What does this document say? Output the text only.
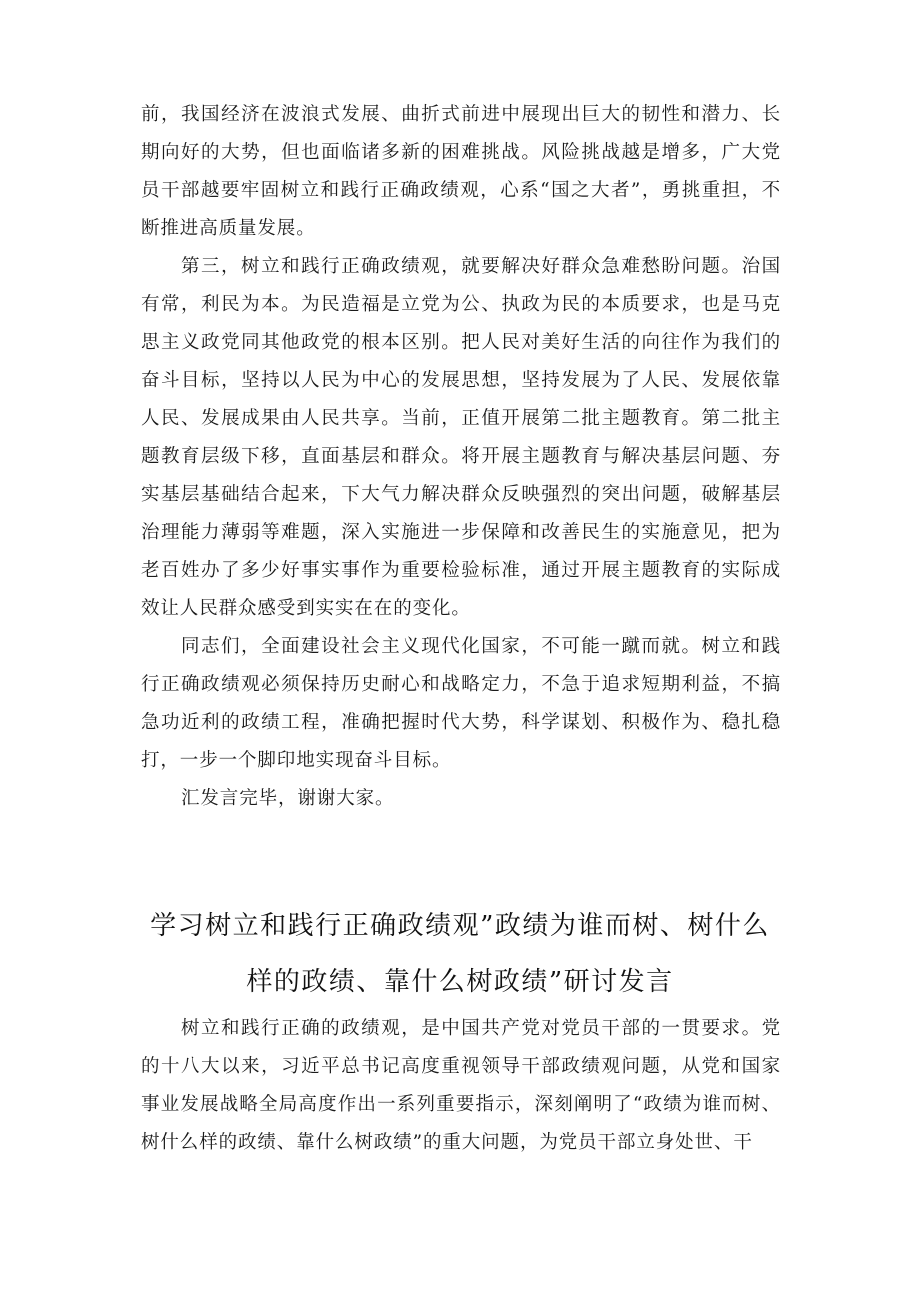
前，我国经济在波浪式发展、曲折式前进中展现出巨大的韧性和潜力、长期向好的大势，但也面临诸多新的困难挑战。风险挑战越是增多，广大党员干部越要牢固树立和践行正确政绩观，心系“国之大者”，勇挑重担，不断推进高质量发展。

第三，树立和践行正确政绩观，就要解决好群众急难愁盼问题。治国有常，利民为本。为民造福是立党为公、执政为民的本质要求，也是马克思主义政党同其他政党的根本区别。把人民对美好生活的向往作为我们的奋斗目标，坚持以人民为中心的发展思想，坚持发展为了人民、发展依靠人民、发展成果由人民共享。当前，正值开展第二批主题教育。第二批主题教育层级下移，直面基层和群众。将开展主题教育与解决基层问题、夯实基层基础结合起来，下大气力解决群众反映强烈的突出问题，破解基层治理能力薄弱等难题，深入实施进一步保障和改善民生的实施意见，把为老百姓办了多少好事实事作为重要检验标准，通过开展主题教育的实际成效让人民群众感受到实实在在的变化。

同志们，全面建设社会主义现代化国家，不可能一蹴而就。树立和践行正确政绩观必须保持历史耐心和战略定力，不急于追求短期利益，不搞急功近利的政绩工程，准确把握时代大势，科学谋划、积极作为、稳扎稳打，一步一个脚印地实现奋斗目标。

汇发言完毕，谢谢大家。

学习树立和践行正确政绩观”政绩为谁而树、树什么
样的政绩、靠什么树政绩”研讨发言

树立和践行正确的政绩观，是中国共产党对党员干部的一贯要求。党的十八大以来，习近平总书记高度重视领导干部政绩观问题，从党和国家事业发展战略全局高度作出一系列重要指示，深刻阐明了“政绩为谁而树、树什么样的政绩、靠什么树政绩”的重大问题，为党员干部立身处世、干
